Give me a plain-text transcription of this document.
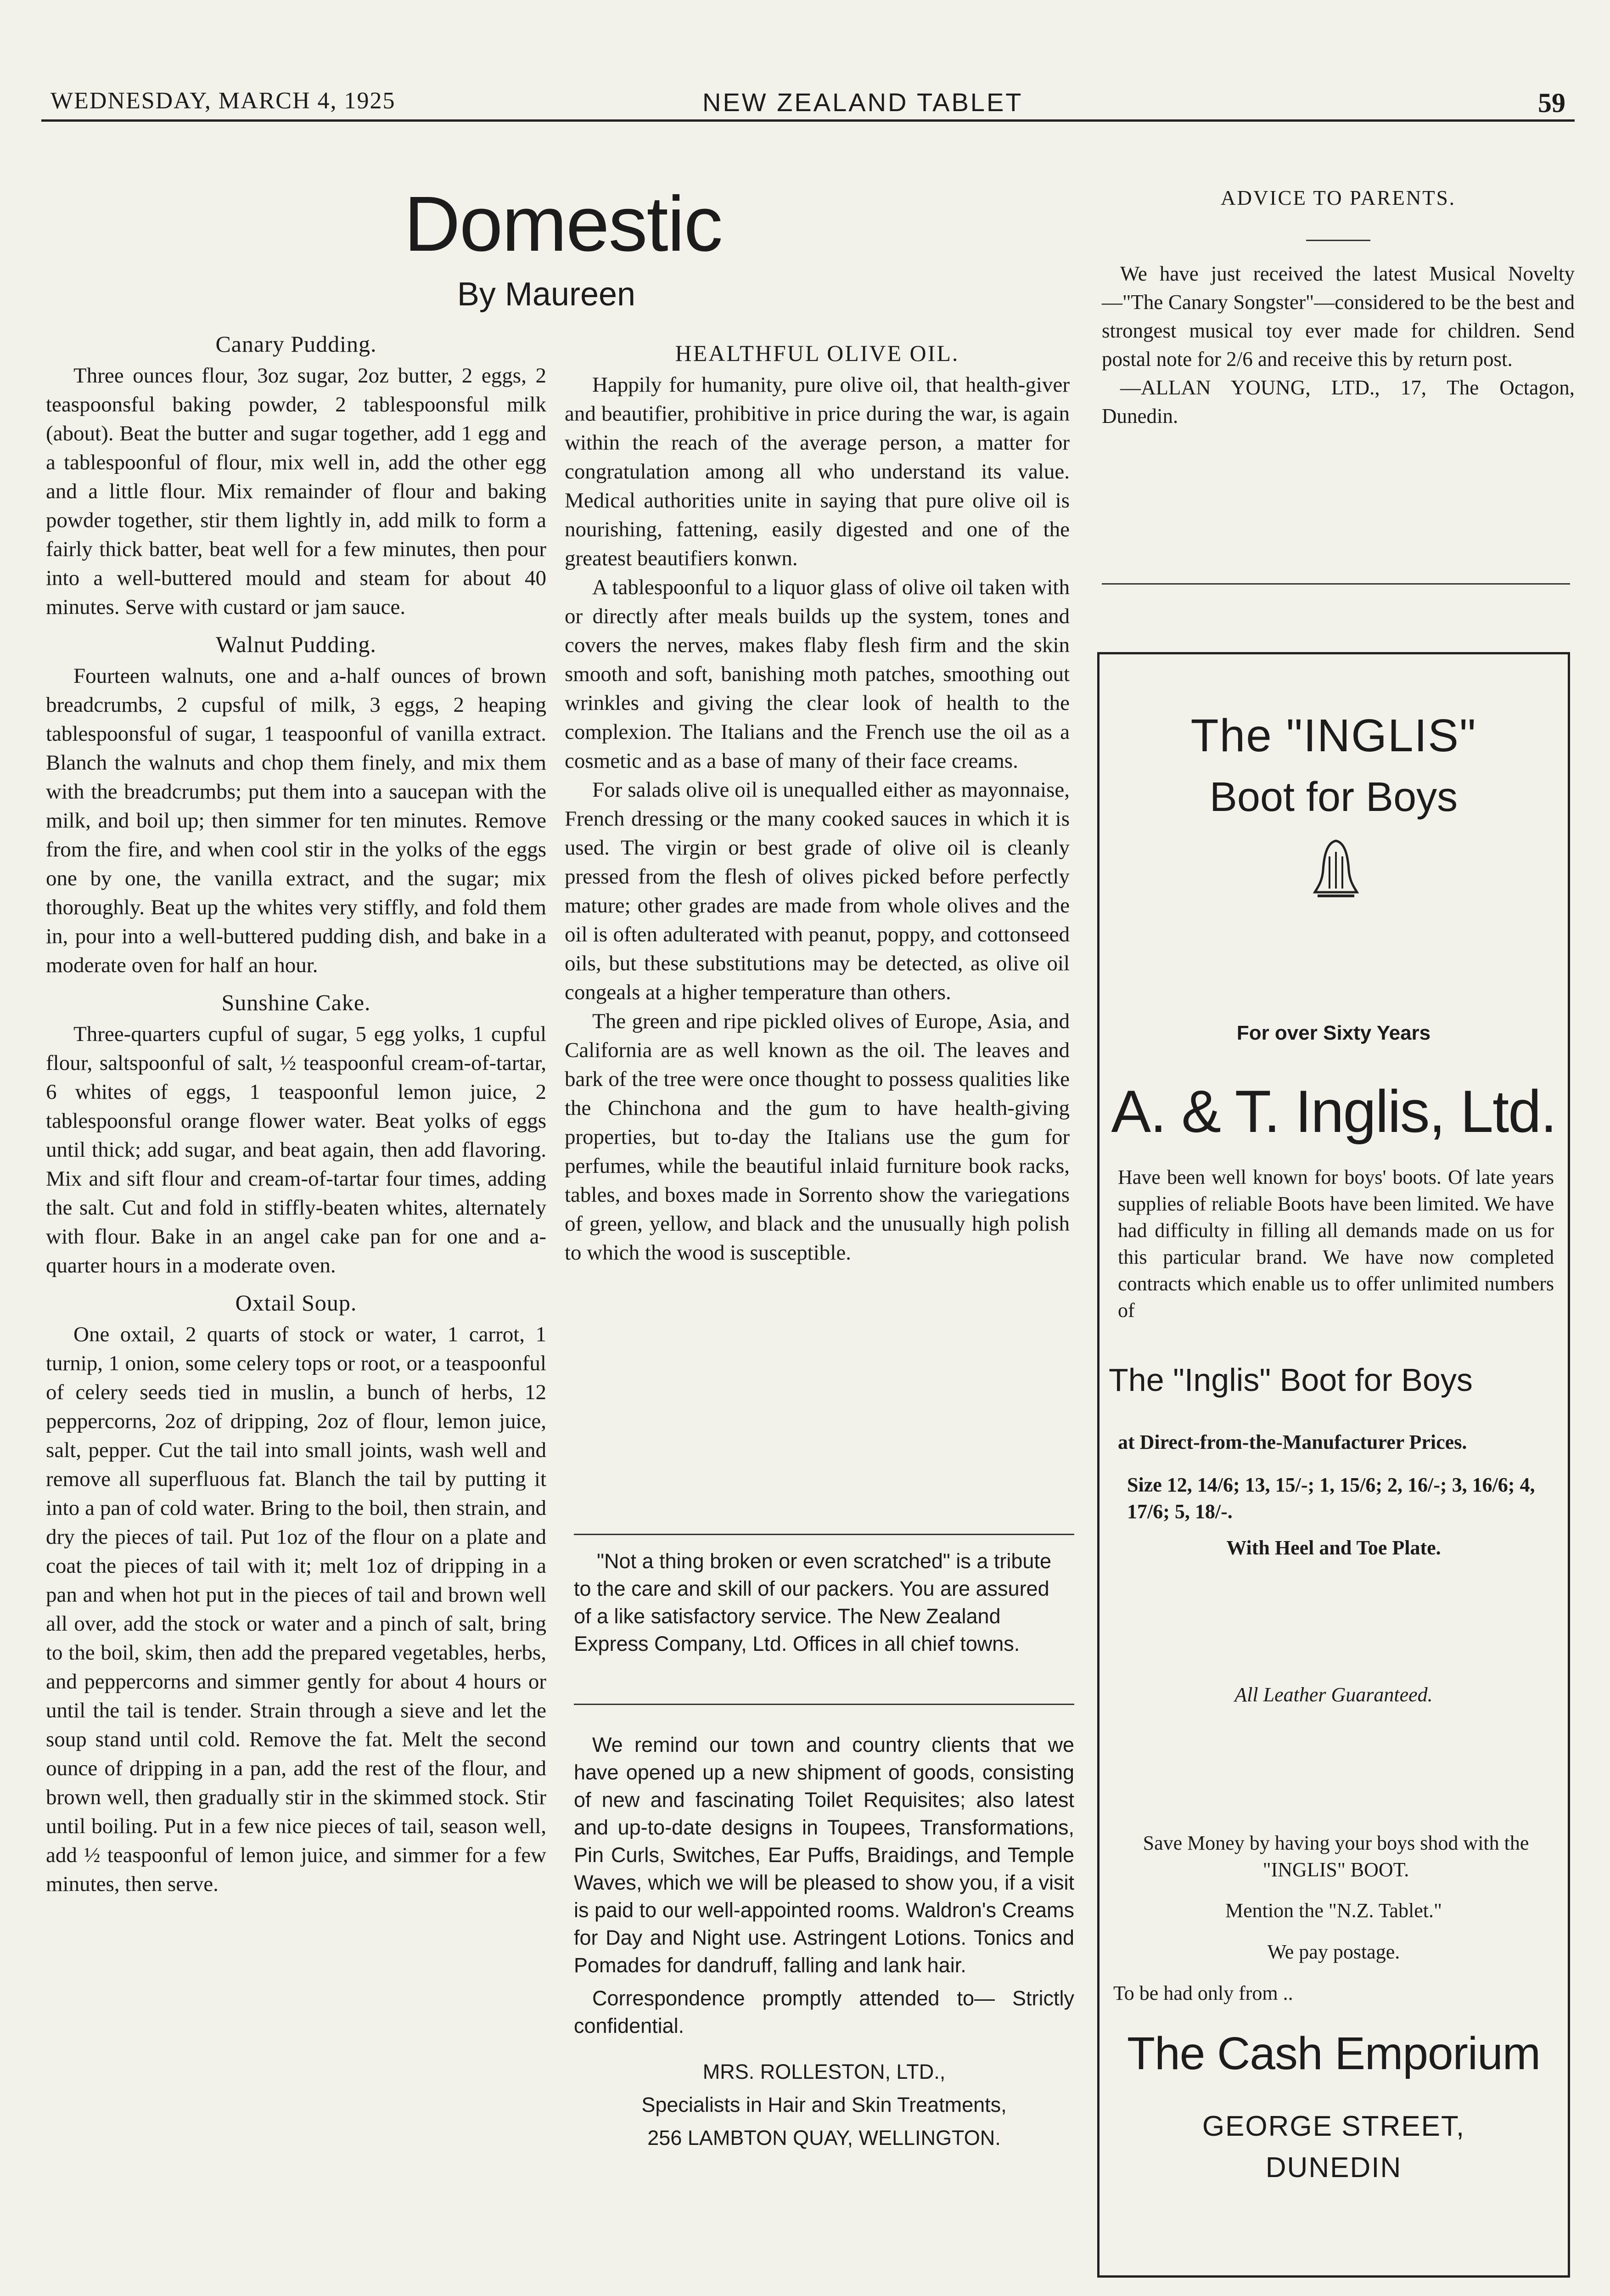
WEDNESDAY, MARCH 4, 1925	NEW ZEALAND TABLET	59
Domestic
By Maureen
Canary Pudding.

Three ounces flour, 3oz sugar, 2oz butter, 2 eggs, 2 teaspoonsful baking powder, 2 tablespoonsful milk (about). Beat the butter and sugar together, add 1 egg and a tablespoonful of flour, mix well in, add the other egg and a little flour. Mix remainder of flour and baking powder together, stir them lightly in, add milk to form a fairly thick batter, beat well for a few minutes, then pour into a well-buttered mould and steam for about 40 minutes. Serve with custard or jam sauce.

Walnut Pudding.

Fourteen walnuts, one and a-half ounces of brown breadcrumbs, 2 cupsful of milk, 3 eggs, 2 heaping tablespoonsful of sugar, 1 teaspoonful of vanilla extract. Blanch the walnuts and chop them finely, and mix them with the breadcrumbs; put them into a saucepan with the milk, and boil up; then simmer for ten minutes. Remove from the fire, and when cool stir in the yolks of the eggs one by one, the vanilla extract, and the sugar; mix thoroughly. Beat up the whites very stiffly, and fold them in, pour into a well-buttered pudding dish, and bake in a moderate oven for half an hour.

Sunshine Cake.

Three-quarters cupful of sugar, 5 egg yolks, 1 cupful flour, saltspoonful of salt, ½ teaspoonful cream-of-tartar, 6 whites of eggs, 1 teaspoonful lemon juice, 2 tablespoonsful orange flower water. Beat yolks of eggs until thick; add sugar, and beat again, then add flavoring. Mix and sift flour and cream-of-tartar four times, adding the salt. Cut and fold in stiffly-beaten whites, alternately with flour. Bake in an angel cake pan for one and a-quarter hours in a moderate oven.

Oxtail Soup.

One oxtail, 2 quarts of stock or water, 1 carrot, 1 turnip, 1 onion, some celery tops or root, or a teaspoonful of celery seeds tied in muslin, a bunch of herbs, 12 peppercorns, 2oz of dripping, 2oz of flour, lemon juice, salt, pepper. Cut the tail into small joints, wash well and remove all superfluous fat. Blanch the tail by putting it into a pan of cold water. Bring to the boil, then strain, and dry the pieces of tail. Put 1oz of the flour on a plate and coat the pieces of tail with it; melt 1oz of dripping in a pan and when hot put in the pieces of tail and brown well all over, add the stock or water and a pinch of salt, bring to the boil, skim, then add the prepared vegetables, herbs, and peppercorns and simmer gently for about 4 hours or until the tail is tender. Strain through a sieve and let the soup stand until cold. Remove the fat. Melt the second ounce of dripping in a pan, add the rest of the flour, and brown well, then gradually stir in the skimmed stock. Stir until boiling. Put in a few nice pieces of tail, season well, add ½ teaspoonful of lemon juice, and simmer for a few minutes, then serve.

HEALTHFUL OLIVE OIL.

Happily for humanity, pure olive oil, that health-giver and beautifier, prohibitive in price during the war, is again within the reach of the average person, a matter for congratulation among all who understand its value. Medical authorities unite in saying that pure olive oil is nourishing, fattening, easily digested and one of the greatest beautifiers konwn.

A tablespoonful to a liquor glass of olive oil taken with or directly after meals builds up the system, tones and covers the nerves, makes flaby flesh firm and the skin smooth and soft, banishing moth patches, smoothing out wrinkles and giving the clear look of health to the complexion. The Italians and the French use the oil as a cosmetic and as a base of many of their face creams.

For salads olive oil is unequalled either as mayonnaise, French dressing or the many cooked sauces in which it is used. The virgin or best grade of olive oil is cleanly pressed from the flesh of olives picked before perfectly mature; other grades are made from whole olives and the oil is often adulterated with peanut, poppy, and cottonseed oils, but these substitutions may be detected, as olive oil congeals at a higher temperature than others.

The green and ripe pickled olives of Europe, Asia, and California are as well known as the oil. The leaves and bark of the tree were once thought to possess qualities like the Chinchona and the gum to have health-giving properties, but to-day the Italians use the gum for perfumes, while the beautiful inlaid furniture book racks, tables, and boxes made in Sorrento show the variegations of green, yellow, and black and the unusually high polish to which the wood is susceptible.

"Not a thing broken or even scratched" is a tribute to the care and skill of our packers. You are assured of a like satisfactory service. The New Zealand Express Company, Ltd. Offices in all chief towns.

We remind our town and country clients that we have opened up a new shipment of goods, consisting of new and fascinating Toilet Requisites; also latest and up-to-date designs in Toupees, Transformations, Pin Curls, Switches, Ear Puffs, Braidings, and Temple Waves, which we will be pleased to show you, if a visit is paid to our well-appointed rooms. Waldron's Creams for Day and Night use. Astringent Lotions. Tonics and Pomades for dandruff, falling and lank hair.

Correspondence promptly attended to— Strictly confidential.

MRS. ROLLESTON, LTD.,

Specialists in Hair and Skin Treatments,

256 LAMBTON QUAY, WELLINGTON.

ADVICE TO PARENTS.

We have just received the latest Musical Novelty—"The Canary Songster"—considered to be the best and strongest musical toy ever made for children. Send postal note for 2/6 and receive this by return post.

—ALLAN YOUNG, LTD., 17, The Octagon, Dunedin.

The "INGLIS"
Boot for Boys
For over Sixty Years
A. & T. Inglis, Ltd.
Have been well known for boys' boots. Of late years supplies of reliable Boots have been limited. We have had difficulty in filling all demands made on us for this particular brand. We have now completed contracts which enable us to offer unlimited numbers of
The "Inglis" Boot for Boys
at Direct-from-the-Manufacturer Prices.
Size 12, 14/6; 13, 15/-; 1, 15/6; 2, 16/-; 3, 16/6; 4, 17/6; 5, 18/-.
With Heel and Toe Plate.
All Leather Guaranteed.
Save Money by having your boys shod with the "INGLIS" BOOT.
Mention the "N.Z. Tablet."
We pay postage.
To be had only from ..
The Cash Emporium
GEORGE STREET,
DUNEDIN
